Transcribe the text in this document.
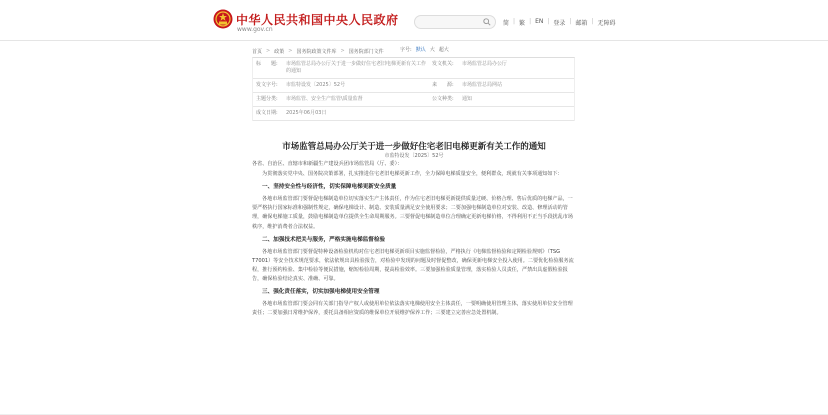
中华人民共和国中央人民政府
www.gov.cn
简 | 繁 | EN | 登录 | 邮箱 | 无障碍
首页 > 政策 > 国务院政策文件库 > 国务院部门文件	字号: 默认 大 超大
标　　题:	市场监管总局办公厅关于进一步做好住宅老旧电梯更新有关工作的通知
发文机关:	市场监管总局办公厅
发文字号:	市监特设发〔2025〕52号	来　　源:	市场监管总局网站
主题分类:	市场监管、安全生产监管\质量监督	公文种类:	通知
成文日期:	2025年06月03日
市场监管总局办公厅关于进一步做好住宅老旧电梯更新有关工作的通知
市监特设发〔2025〕52号

各省、自治区、直辖市和新疆生产建设兵团市场监管局（厅、委）：

为贯彻落实党中央、国务院决策部署，扎实推进住宅老旧电梯更新工作，全力保障电梯质量安全，便利群众，现就有关事项通知如下：

一、坚持安全性与经济性，切实保障电梯更新安全质量

各地市场监管部门要督促电梯制造单位切实落实生产主体责任，作为住宅老旧电梯更新提供质量过硬、价格合理、售后优质的电梯产品，一要严格执行国家标准和强制性规定，确保电梯设计、制造、安装质量满足安全使用要求；二要加强电梯制造单位对安装、改造、修理活动的管理，确保电梯施工质量，鼓励电梯制造单位提供全生命周期服务。三要督促电梯制造单位合理确定更新电梯价格，不得利用不正当手段扰乱市场秩序，维护消费者合法权益。

二、加强技术把关与服务，严格实施电梯监督检验

各地市场监管部门要督促特种设备检验机构对住宅老旧电梯更新项目实施监督检验，严格执行《电梯监督检验和定期检验规则》（TSG T7001）等安全技术规范要求，依法依规出具检验报告，对检验中发现的问题及时督促整改，确保更新电梯安全投入使用。二要优化检验服务流程，推行预约检验、集中检验等便民措施，缩短检验周期，提高检验效率。三要加强检验质量管理，落实检验人员责任，严禁出具虚假检验报告，确保检验结论真实、准确、可靠。

三、强化责任落实，切实加强电梯使用安全管理

各地市场监管部门要会同有关部门指导产权人或使用单位依法落实电梯使用安全主体责任，一要明确使用管理主体，落实使用单位安全管理责任；二要加强日常维护保养，委托具备相应资质的维保单位开展维护保养工作；三要建立完善应急处置机制。
